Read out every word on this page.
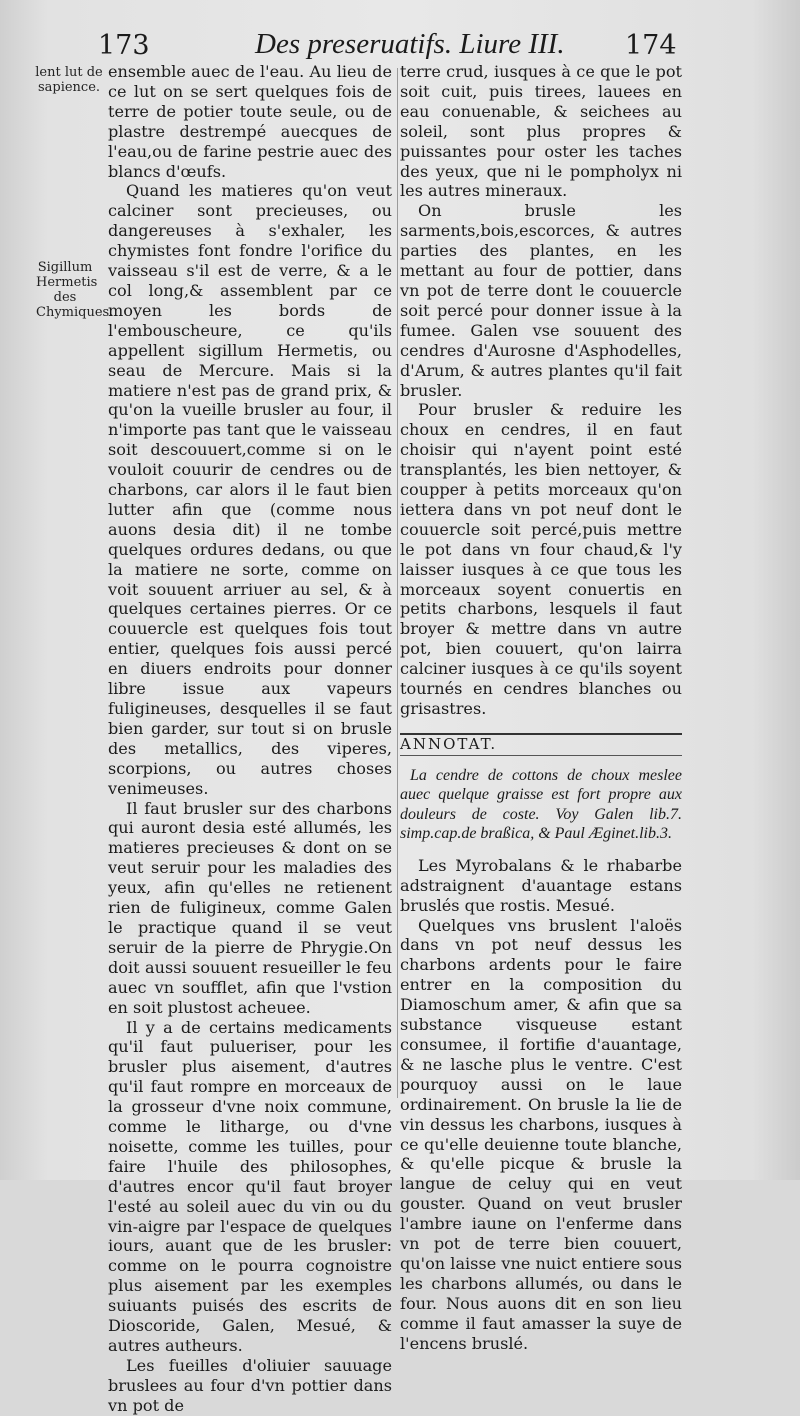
173	Des preseruatifs. Liure III. 174
lent lut de sapience.
Sigillum Hermetis des Chymiques.

ensemble auec de l'eau. Au lieu de ce lut on se sert quelques fois de terre de potier toute seule, ou de plastre destrempé auecques de l'eau,ou de farine pestrie auec des blancs d'œufs.

Quand les matieres qu'on veut calciner sont precieuses, ou dangereuses à s'exhaler, les chymistes font fondre l'orifice du vaisseau s'il est de verre, & a le col long,& assemblent par ce moyen les bords de l'embouscheure, ce qu'ils appellent sigillum Hermetis, ou seau de Mercure. Mais si la matiere n'est pas de grand prix, & qu'on la vueille brusler au four, il n'importe pas tant que le vaisseau soit descouuert,comme si on le vouloit couurir de cendres ou de charbons, car alors il le faut bien lutter afin que (comme nous auons desia dit) il ne tombe quelques ordures dedans, ou que la matiere ne sorte, comme on voit souuent arriuer au sel, & à quelques certaines pierres. Or ce couuercle est quelques fois tout entier, quelques fois aussi percé en diuers endroits pour donner libre issue aux vapeurs fuligineuses, desquelles il se faut bien garder, sur tout si on brusle des metallics, des viperes, scorpions, ou autres choses venimeuses.

Il faut brusler sur des charbons qui auront desia esté allumés, les matieres precieuses & dont on se veut seruir pour les maladies des yeux, afin qu'elles ne retienent rien de fuligineux, comme Galen le practique quand il se veut seruir de la pierre de Phrygie.On doit aussi souuent resueiller le feu auec vn soufflet, afin que l'vstion en soit plustost acheuee.

Il y a de certains medicaments qu'il faut pulueriser, pour les brusler plus aisement, d'autres qu'il faut rompre en morceaux de la grosseur d'vne noix commune, comme le litharge, ou d'vne noisette, comme les tuilles, pour faire l'huile des philosophes, d'autres encor qu'il faut broyer l'esté au soleil auec du vin ou du vin-aigre par l'espace de quelques iours, auant que de les brusler: comme on le pourra cognoistre plus aisement par les exemples suiuants puisés des escrits de Dioscoride, Galen, Mesué, & autres autheurs.

Les fueilles d'oliuier sauuage bruslees au four d'vn pottier dans vn pot de

terre crud, iusques à ce que le pot soit cuit, puis tirees, lauees en eau conuenable, & seichees au soleil, sont plus propres & puissantes pour oster les taches des yeux, que ni le pompholyx ni les autres mineraux.

On brusle les sarments,bois,escorces, & autres parties des plantes, en les mettant au four de pottier, dans vn pot de terre dont le couuercle soit percé pour donner issue à la fumee. Galen vse souuent des cendres d'Aurosne d'Asphodelles, d'Arum, & autres plantes qu'il fait brusler.

Pour brusler & reduire les choux en cendres, il en faut choisir qui n'ayent point esté transplantés, les bien nettoyer, & coupper à petits morceaux qu'on iettera dans vn pot neuf dont le couuercle soit percé,puis mettre le pot dans vn four chaud,& l'y laisser iusques à ce que tous les morceaux soyent conuertis en petits charbons, lesquels il faut broyer & mettre dans vn autre pot, bien couuert, qu'on lairra calciner iusques à ce qu'ils soyent tournés en cendres blanches ou grisastres.

ANNOTAT.

La cendre de cottons de choux meslee auec quelque graisse est fort propre aux douleurs de coste. Voy Galen lib.7. simp.cap.de braßica, & Paul Æginet.lib.3.

Les Myrobalans & le rhabarbe adstraignent d'auantage estans bruslés que rostis. Mesué.

Quelques vns bruslent l'aloës dans vn pot neuf dessus les charbons ardents pour le faire entrer en la composition du Diamoschum amer, & afin que sa substance visqueuse estant consumee, il fortifie d'auantage, & ne lasche plus le ventre. C'est pourquoy aussi on le laue ordinairement. On brusle la lie de vin dessus les charbons, iusques à ce qu'elle deuienne toute blanche, & qu'elle picque & brusle la langue de celuy qui en veut gouster. Quand on veut brusler l'ambre iaune on l'enferme dans vn pot de terre bien couuert, qu'on laisse vne nuict entiere sous les charbons allumés, ou dans le four. Nous auons dit en son lieu comme il faut amasser la suye de l'encens bruslé.
